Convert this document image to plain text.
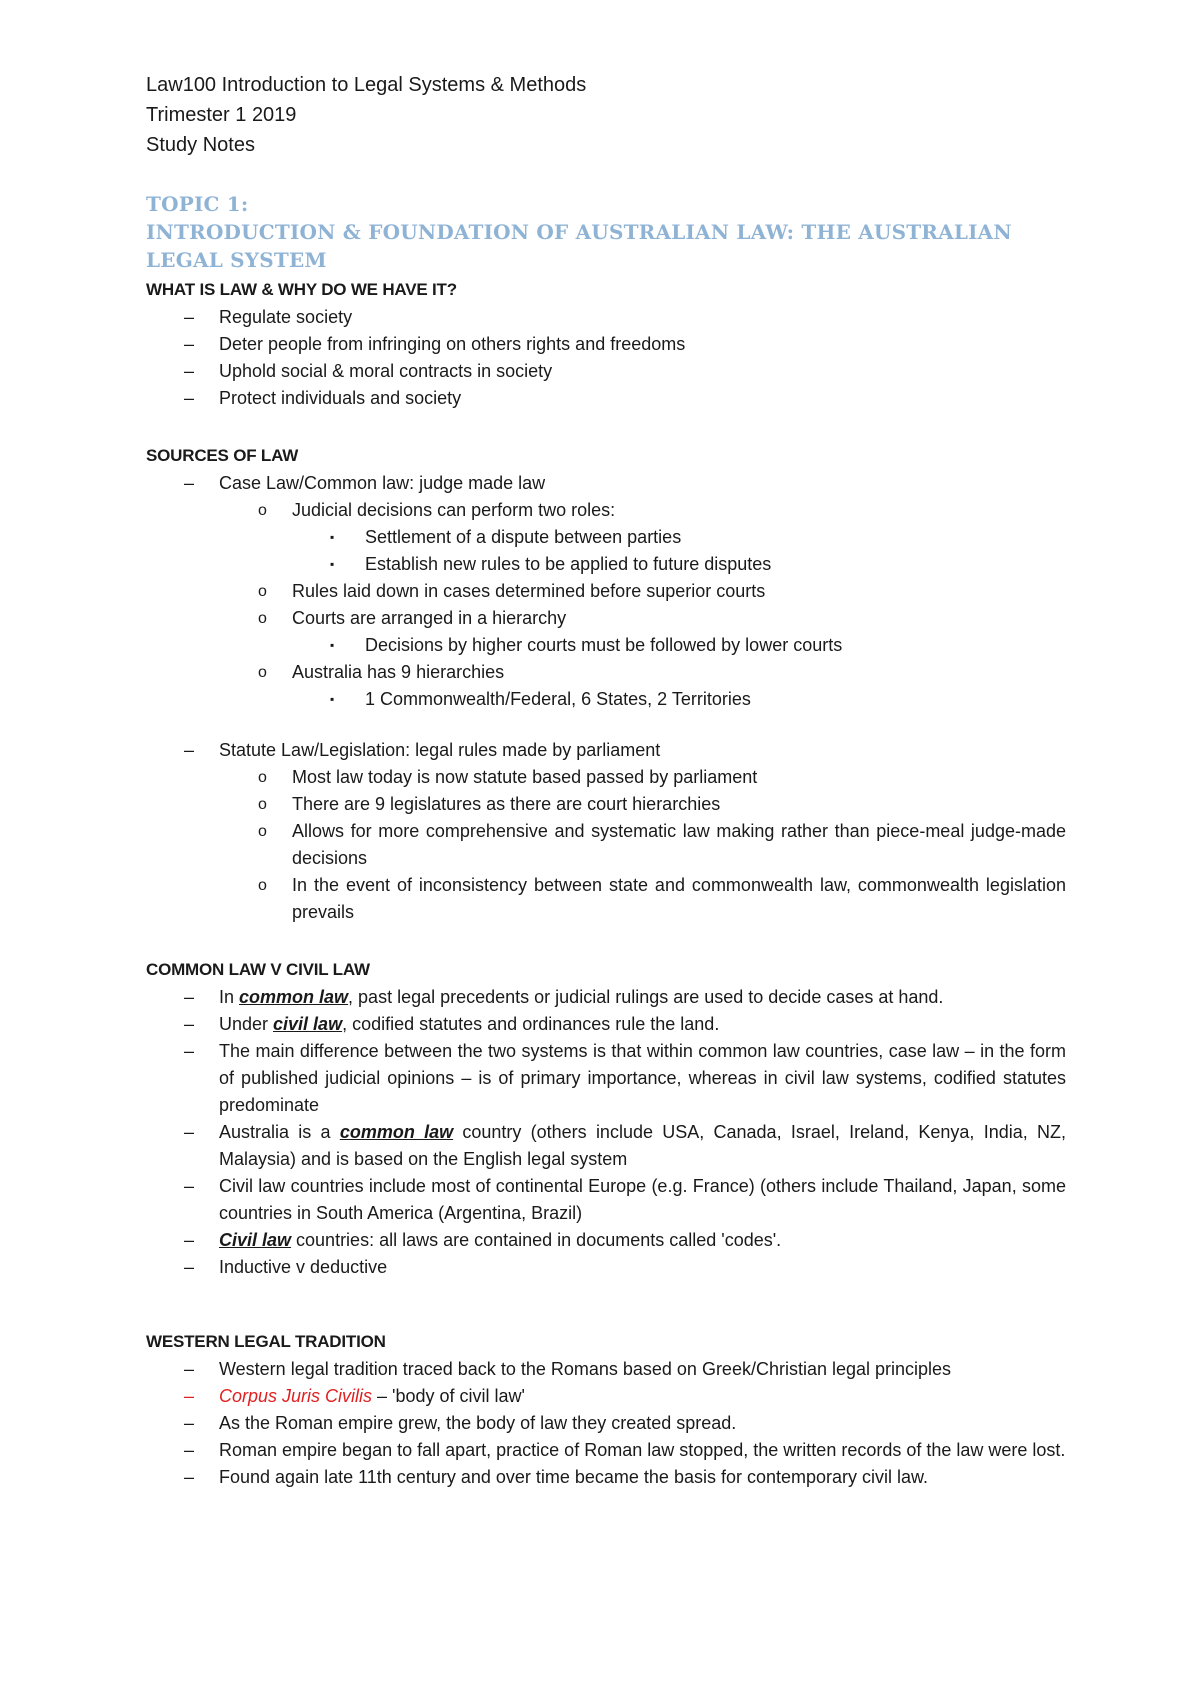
Law100 Introduction to Legal Systems & Methods
Trimester 1 2019
Study Notes
TOPIC 1:
INTRODUCTION & FOUNDATION OF AUSTRALIAN LAW: THE AUSTRALIAN LEGAL SYSTEM
WHAT IS LAW & WHY DO WE HAVE IT?
– Regulate society
– Deter people from infringing on others rights and freedoms
– Uphold social & moral contracts in society
– Protect individuals and society
SOURCES OF LAW
– Case Law/Common law: judge made law
o Judicial decisions can perform two roles:
▪ Settlement of a dispute between parties
▪ Establish new rules to be applied to future disputes
o Rules laid down in cases determined before superior courts
o Courts are arranged in a hierarchy
▪ Decisions by higher courts must be followed by lower courts
o Australia has 9 hierarchies
▪ 1 Commonwealth/Federal, 6 States, 2 Territories
– Statute Law/Legislation: legal rules made by parliament
o Most law today is now statute based passed by parliament
o There are 9 legislatures as there are court hierarchies
o Allows for more comprehensive and systematic law making rather than piece-meal judge-made decisions
o In the event of inconsistency between state and commonwealth law, commonwealth legislation prevails
COMMON LAW V CIVIL LAW
– In common law, past legal precedents or judicial rulings are used to decide cases at hand.
– Under civil law, codified statutes and ordinances rule the land.
– The main difference between the two systems is that within common law countries, case law – in the form of published judicial opinions – is of primary importance, whereas in civil law systems, codified statutes predominate
– Australia is a common law country (others include USA, Canada, Israel, Ireland, Kenya, India, NZ, Malaysia) and is based on the English legal system
– Civil law countries include most of continental Europe (e.g. France) (others include Thailand, Japan, some countries in South America (Argentina, Brazil)
– Civil law countries: all laws are contained in documents called 'codes'.
– Inductive v deductive
WESTERN LEGAL TRADITION
– Western legal tradition traced back to the Romans based on Greek/Christian legal principles
– Corpus Juris Civilis – 'body of civil law'
– As the Roman empire grew, the body of law they created spread.
– Roman empire began to fall apart, practice of Roman law stopped, the written records of the law were lost.
– Found again late 11th century and over time became the basis for contemporary civil law.
